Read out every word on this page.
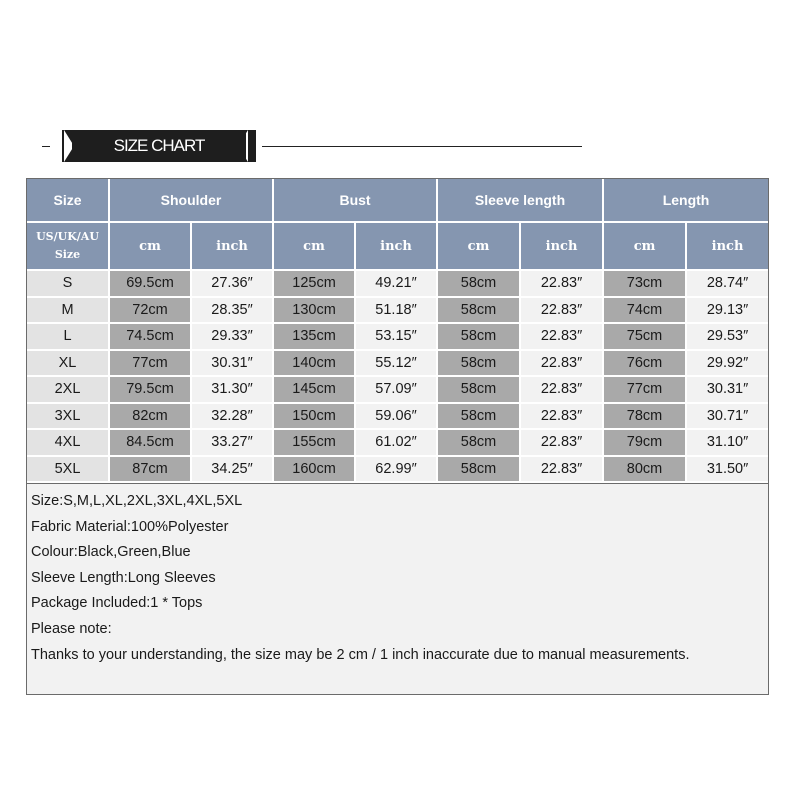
SIZE CHART
Size	Shoulder		Bust		Sleeve length		Length	
US/UK/AU
Size	cm	inch	cm	inch	cm	inch	cm	inch
S	69.5cm	27.36″	125cm	49.21″	58cm	22.83″	73cm	28.74″
M	72cm	28.35″	130cm	51.18″	58cm	22.83″	74cm	29.13″
L	74.5cm	29.33″	135cm	53.15″	58cm	22.83″	75cm	29.53″
XL	77cm	30.31″	140cm	55.12″	58cm	22.83″	76cm	29.92″
2XL	79.5cm	31.30″	145cm	57.09″	58cm	22.83″	77cm	30.31″
3XL	82cm	32.28″	150cm	59.06″	58cm	22.83″	78cm	30.71″
4XL	84.5cm	33.27″	155cm	61.02″	58cm	22.83″	79cm	31.10″
5XL	87cm	34.25″	160cm	62.99″	58cm	22.83″	80cm	31.50″
Size:S,M,L,XL,2XL,3XL,4XL,5XL
Fabric Material:100%Polyester
Colour:Black,Green,Blue
Sleeve Length:Long Sleeves
Package Included:1 * Tops
Please note:
Thanks to your understanding, the size may be 2 cm / 1 inch inaccurate due to manual measurements.
